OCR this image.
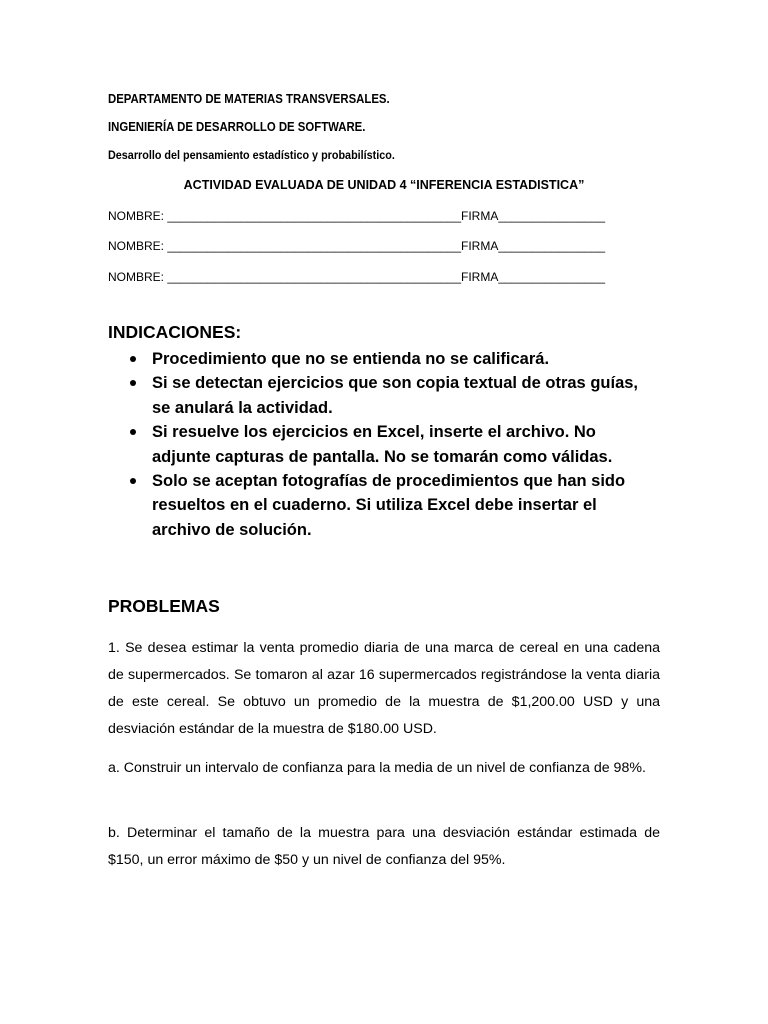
DEPARTAMENTO DE MATERIAS TRANSVERSALES.
INGENIERÍA DE DESARROLLO DE SOFTWARE.
Desarrollo del pensamiento estadístico y probabilístico.
ACTIVIDAD EVALUADA DE UNIDAD 4 “INFERENCIA ESTADISTICA”
NOMBRE: ____________________________________________FIRMA________________
NOMBRE: ____________________________________________FIRMA________________
NOMBRE: ____________________________________________FIRMA________________
INDICACIONES:
Procedimiento que no se entienda no se calificará.
Si se detectan ejercicios que son copia textual de otras guías, se anulará la actividad.
Si resuelve los ejercicios en Excel, inserte el archivo. No adjunte capturas de pantalla. No se tomarán como válidas.
Solo se aceptan fotografías de procedimientos que han sido resueltos en el cuaderno. Si utiliza Excel debe insertar el archivo de solución.
PROBLEMAS
1. Se desea estimar la venta promedio diaria de una marca de cereal en una cadena de supermercados. Se tomaron al azar 16 supermercados registrándose la venta diaria de este cereal. Se obtuvo un promedio de la muestra de $1,200.00 USD y una desviación estándar de la muestra de $180.00 USD.
a. Construir un intervalo de confianza para la media de un nivel de confianza de 98%.
b. Determinar el tamaño de la muestra para una desviación estándar estimada de $150, un error máximo de $50 y un nivel de confianza del 95%.
